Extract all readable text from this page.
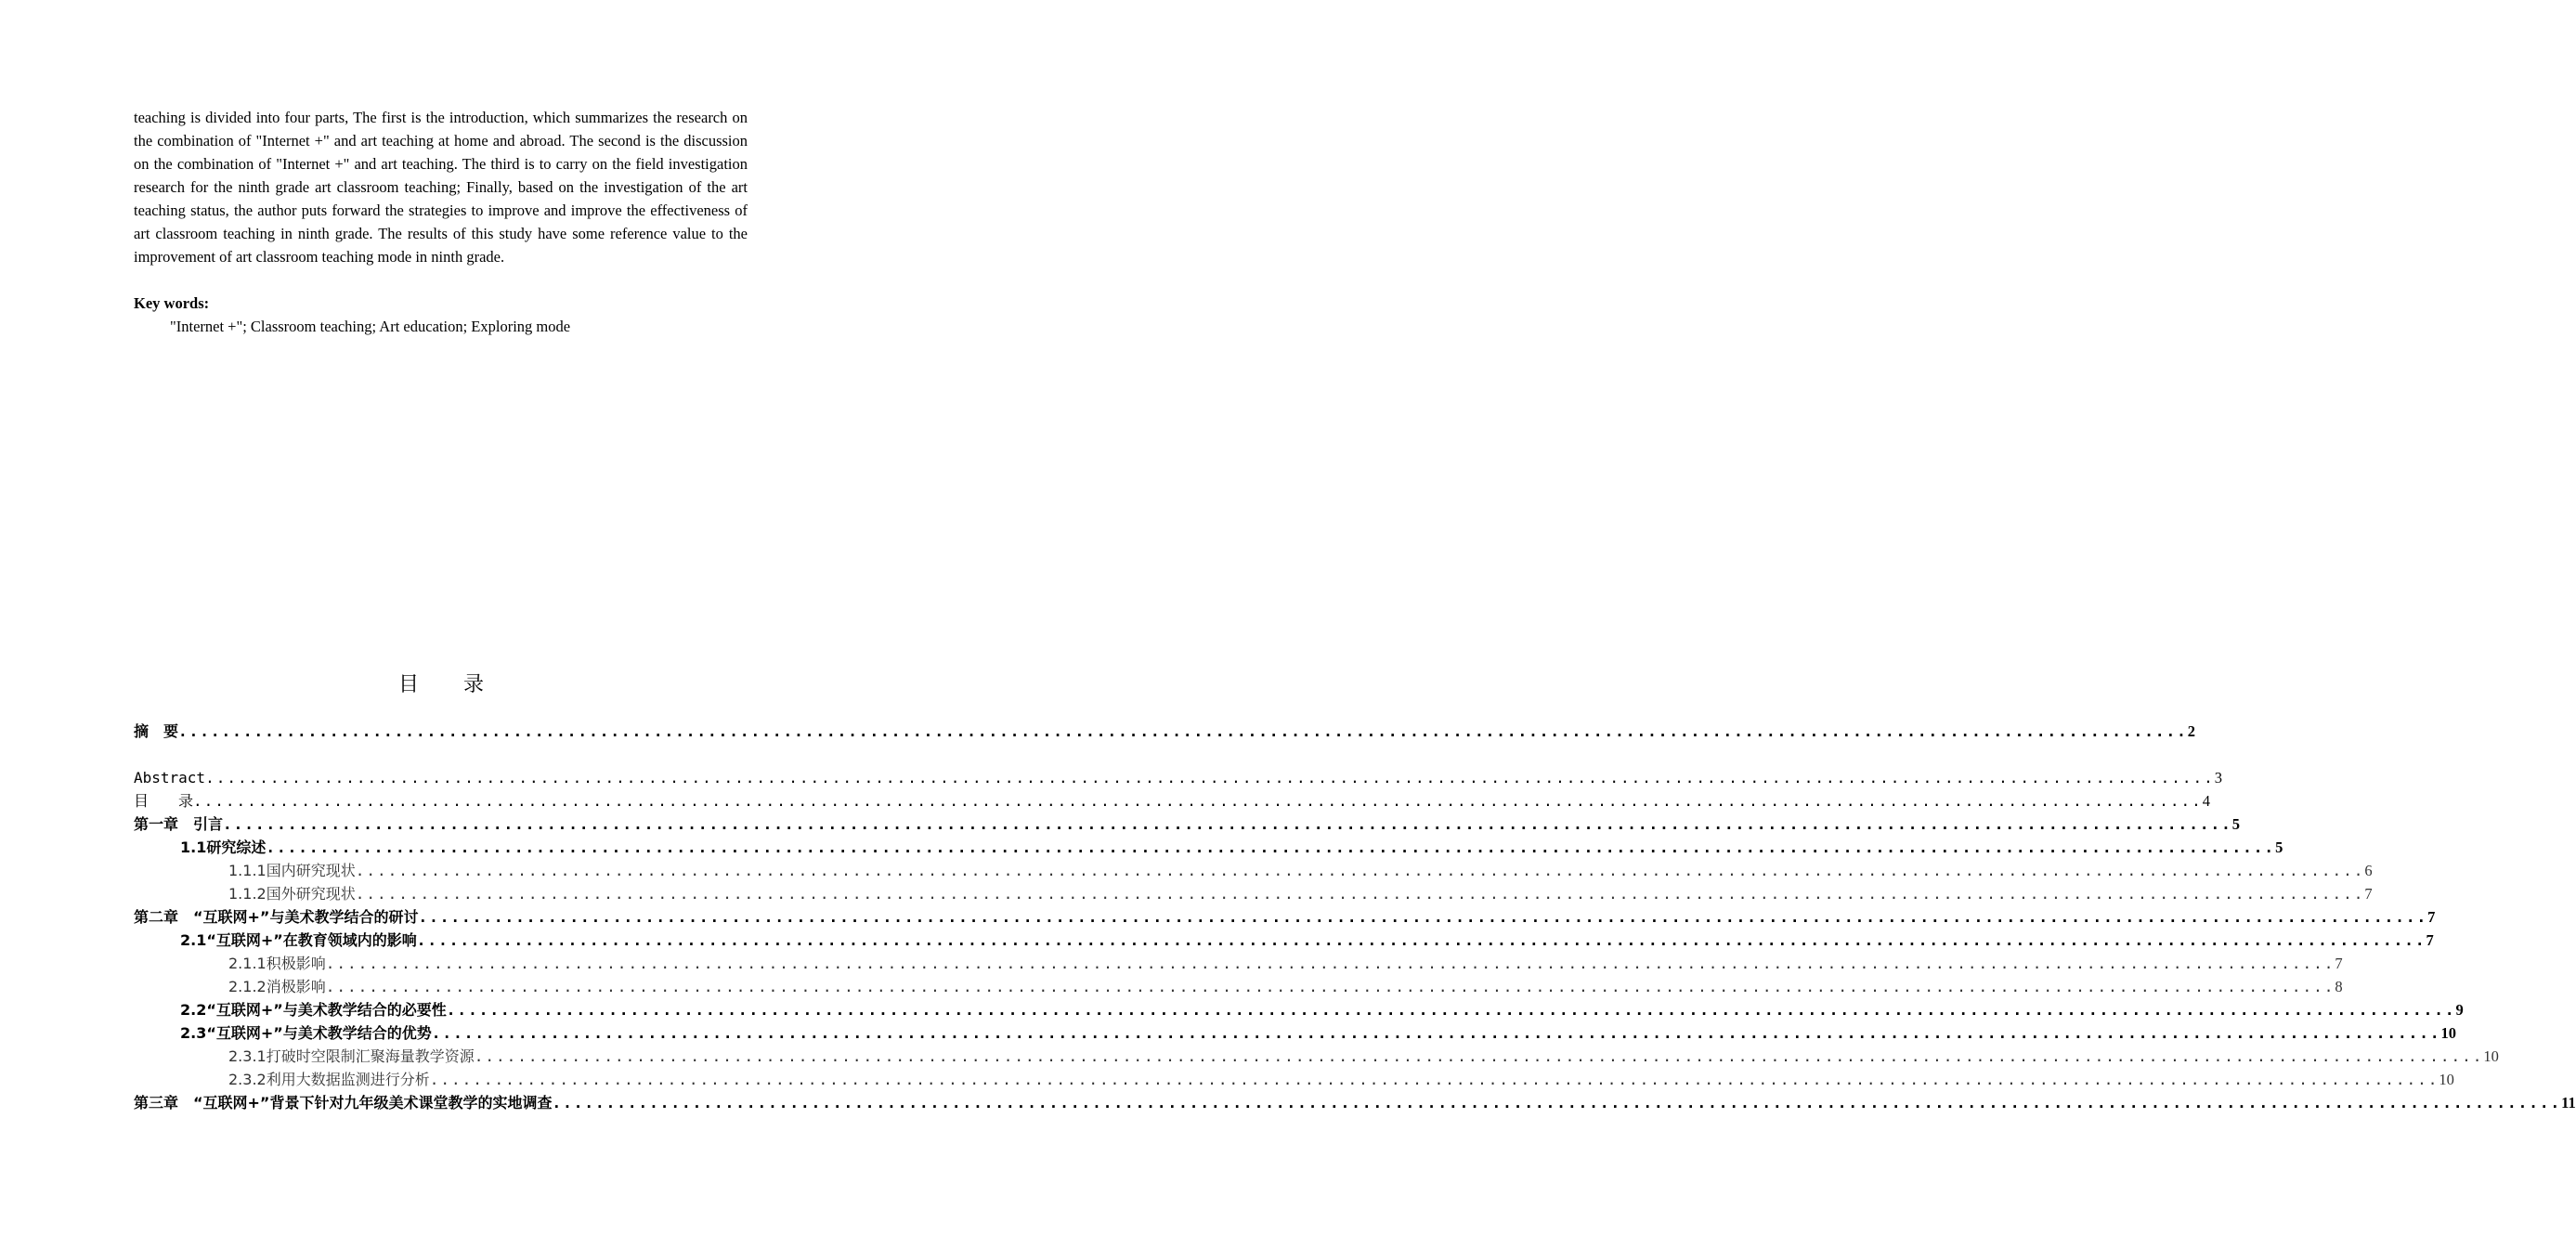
teaching is divided into four parts, The first is the introduction, which summarizes the research on the combination of "Internet +" and art teaching at home and abroad. The second is the discussion on the combination of "Internet +" and art teaching. The third is to carry on the field investigation research for the ninth grade art classroom teaching; Finally, based on the investigation of the art teaching status, the author puts forward the strategies to improve and improve the effectiveness of art classroom teaching in ninth grade. The results of this study have some reference value to the improvement of art classroom teaching mode in ninth grade.

Key words:
"Internet +"; Classroom teaching; Art education; Exploring mode
目 录
摘　要 .......................................................................................................................................................................................... 2
Abstract .......................................................................................................................................................................................... 3
目　　录 .......................................................................................................................................................................................... 4
第一章　引言 .......................................................................................................................................................................................... 5
1.1研究综述 .......................................................................................................................................................................................... 5
1.1.1国内研究现状 .......................................................................................................................................................................................... 6
1.1.2国外研究现状 .......................................................................................................................................................................................... 7
第二章　“互联网+”与美术教学结合的研讨 .......................................................................................................................................................................................... 7
2.1“互联网+”在教育领域内的影响 .......................................................................................................................................................................................... 7
2.1.1积极影响 .......................................................................................................................................................................................... 7
2.1.2消极影响 .......................................................................................................................................................................................... 8
2.2“互联网+”与美术教学结合的必要性 .......................................................................................................................................................................................... 9
2.3“互联网+”与美术教学结合的优势 .......................................................................................................................................................................................... 10
2.3.1打破时空限制汇聚海量教学资源 .......................................................................................................................................................................................... 10
2.3.2利用大数据监测进行分析 .......................................................................................................................................................................................... 10
第三章　“互联网+”背景下针对九年级美术课堂教学的实地调查 .......................................................................................................................................................................................... 11
